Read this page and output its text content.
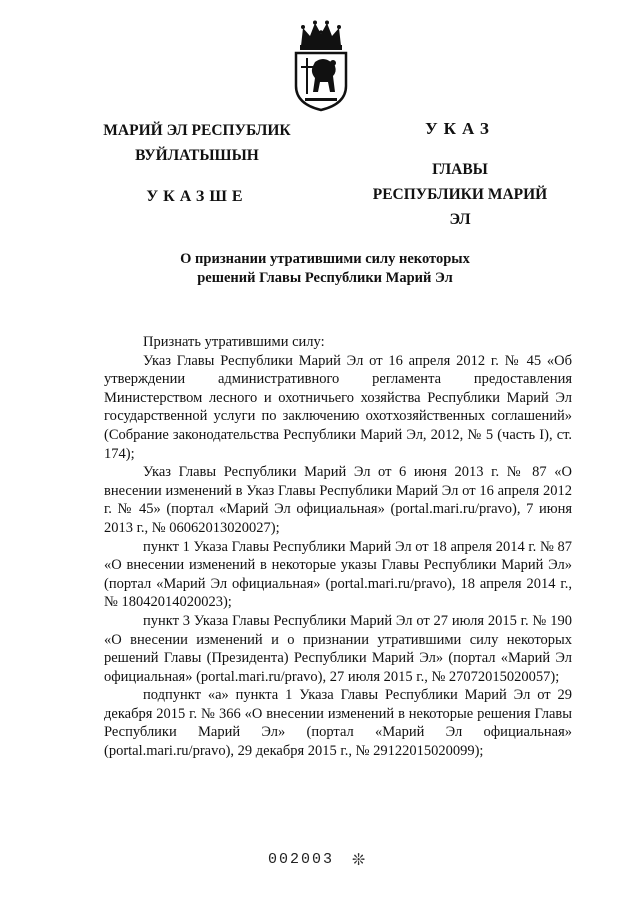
МАРИЙ ЭЛ РЕСПУБЛИК
ВУЙЛАТЫШЫН
УКАЗШЕ
УКАЗ
ГЛАВЫ
РЕСПУБЛИКИ МАРИЙ ЭЛ
О признании утратившими силу некоторых
решений Главы Республики Марий Эл

Признать утратившими силу:

Указ Главы Республики Марий Эл от 16 апреля 2012 г. № 45 «Об утверждении административного регламента предоставления Министерством лесного и охотничьего хозяйства Республики Марий Эл государственной услуги по заключению охотхозяйственных соглашений» (Собрание законодательства Республики Марий Эл, 2012, № 5 (часть I), ст. 174);

Указ Главы Республики Марий Эл от 6 июня 2013 г. № 87 «О внесении изменений в Указ Главы Республики Марий Эл от 16 апреля 2012 г. № 45» (портал «Марий Эл официальная» (portal.mari.ru/pravo), 7 июня 2013 г., № 06062013020027);

пункт 1 Указа Главы Республики Марий Эл от 18 апреля 2014 г. № 87 «О внесении изменений в некоторые указы Главы Республики Марий Эл» (портал «Марий Эл официальная» (portal.mari.ru/pravo), 18 апреля 2014 г., № 18042014020023);

пункт 3 Указа Главы Республики Марий Эл от 27 июля 2015 г. № 190 «О внесении изменений и о признании утратившими силу некоторых решений Главы (Президента) Республики Марий Эл» (портал «Марий Эл официальная» (portal.mari.ru/pravo), 27 июля 2015 г., № 27072015020057);

подпункт «а» пункта 1 Указа Главы Республики Марий Эл от 29 декабря 2015 г. № 366 «О внесении изменений в некоторые решения Главы Республики Марий Эл» (портал «Марий Эл официальная» (portal.mari.ru/pravo), 29 декабря 2015 г., № 29122015020099);

002003 ❊
